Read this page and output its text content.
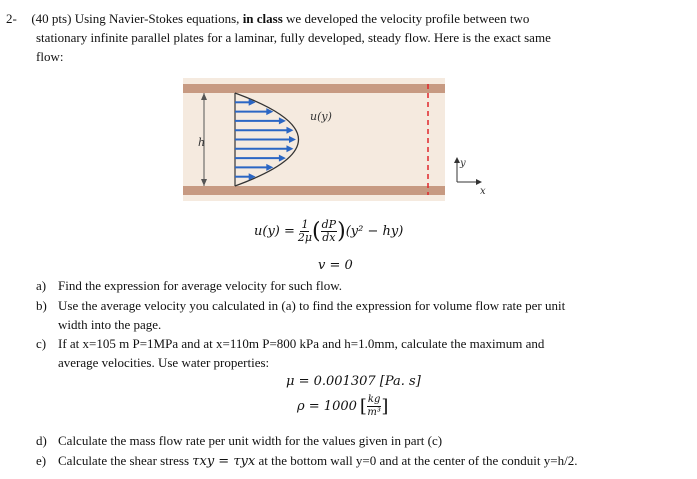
2- (40 pts) Using Navier-Stokes equations, in class we developed the velocity profile between two
stationary infinite parallel plates for a laminar, fully developed, steady flow. Here is the exact same
flow:
h
u(y)
y
x
$u(y) = \frac{1}{2\mu}$ ( $\frac{dP}{dx}$ ) (y² − hy)
v = 0
a) Find the expression for average velocity for such flow.
b) Use the average velocity you calculated in (a) to find the expression for volume flow rate per unit
width into the page.
c) If at x=105 m P=1MPa and at x=110m P=800 kPa and h=1.0mm, calculate the maximum and
average velocities. Use water properties:
μ = 0.001307 [Pa. s]
ρ = 1000 [ $\frac{kg}{\text{m³}}$ ]
d) Calculate the mass flow rate per unit width for the values given in part (c)
e) Calculate the shear stress τxy = τyx at the bottom wall y=0 and at the center of the conduit y=h/2.
